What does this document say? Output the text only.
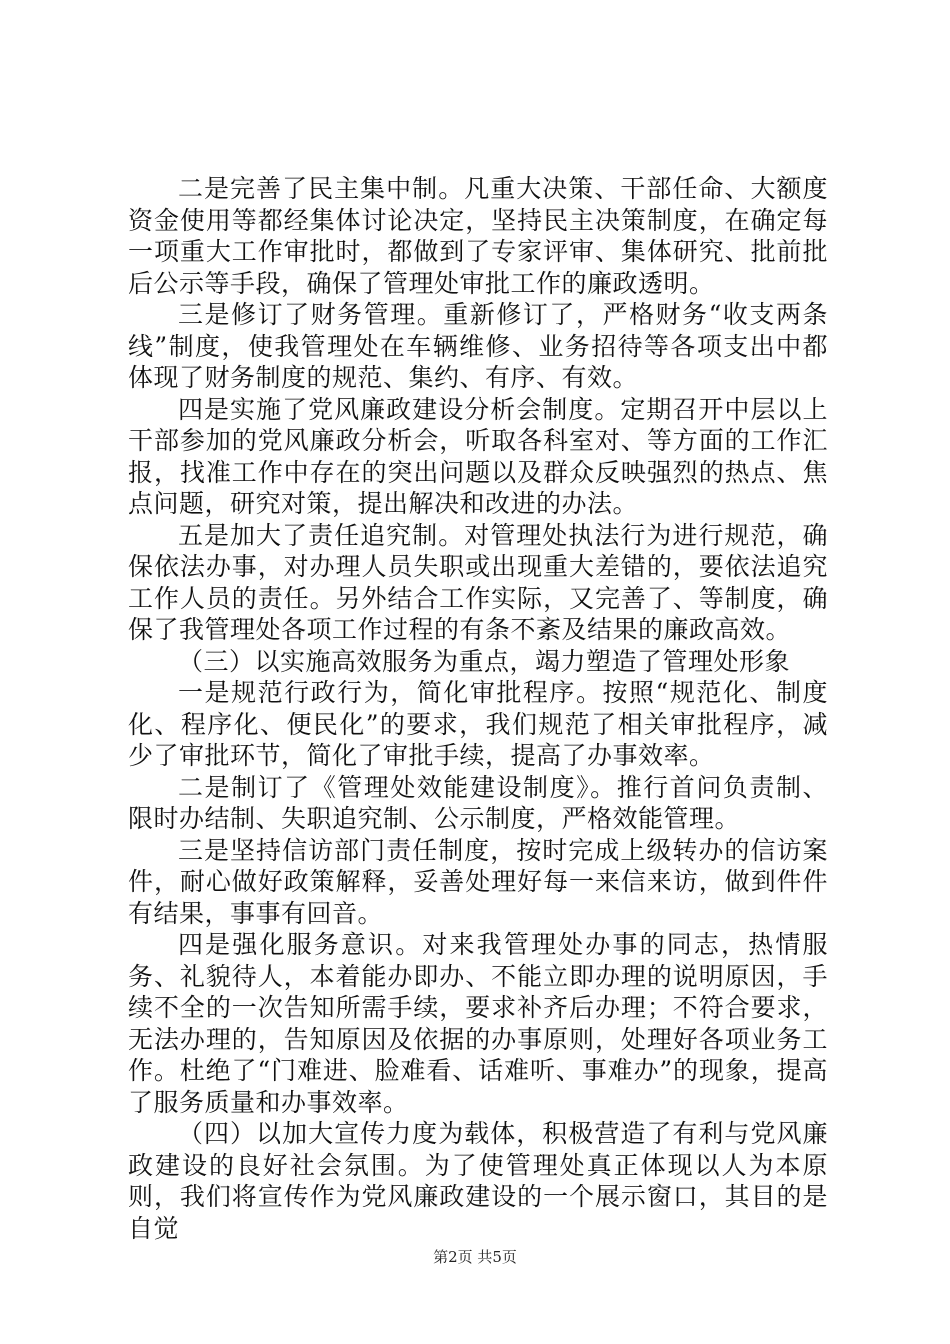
二是完善了民主集中制。凡重大决策、干部任命、大额度资金使用等都经集体讨论决定，坚持民主决策制度，在确定每一项重大工作审批时，都做到了专家评审、集体研究、批前批后公示等手段，确保了管理处审批工作的廉政透明。

三是修订了财务管理。重新修订了，严格财务“收支两条线”制度，使我管理处在车辆维修、业务招待等各项支出中都体现了财务制度的规范、集约、有序、有效。

四是实施了党风廉政建设分析会制度。定期召开中层以上干部参加的党风廉政分析会，听取各科室对、等方面的工作汇报，找准工作中存在的突出问题以及群众反映强烈的热点、焦点问题，研究对策，提出解决和改进的办法。

五是加大了责任追究制。对管理处执法行为进行规范，确保依法办事，对办理人员失职或出现重大差错的，要依法追究工作人员的责任。另外结合工作实际，又完善了、等制度，确保了我管理处各项工作过程的有条不紊及结果的廉政高效。

（三）以实施高效服务为重点，竭力塑造了管理处形象

一是规范行政行为，简化审批程序。按照“规范化、制度化、程序化、便民化”的要求，我们规范了相关审批程序，减少了审批环节，简化了审批手续，提高了办事效率。

二是制订了《管理处效能建设制度》。推行首问负责制、限时办结制、失职追究制、公示制度，严格效能管理。

三是坚持信访部门责任制度，按时完成上级转办的信访案件，耐心做好政策解释，妥善处理好每一来信来访，做到件件有结果，事事有回音。

四是强化服务意识。对来我管理处办事的同志，热情服务、礼貌待人，本着能办即办、不能立即办理的说明原因，手续不全的一次告知所需手续，要求补齐后办理；不符合要求，无法办理的，告知原因及依据的办事原则，处理好各项业务工作。杜绝了“门难进、脸难看、话难听、事难办”的现象，提高了服务质量和办事效率。

（四）以加大宣传力度为载体，积极营造了有利与党风廉政建设的良好社会氛围。为了使管理处真正体现以人为本原则，我们将宣传作为党风廉政建设的一个展示窗口，其目的是自觉

第2页 共5页
